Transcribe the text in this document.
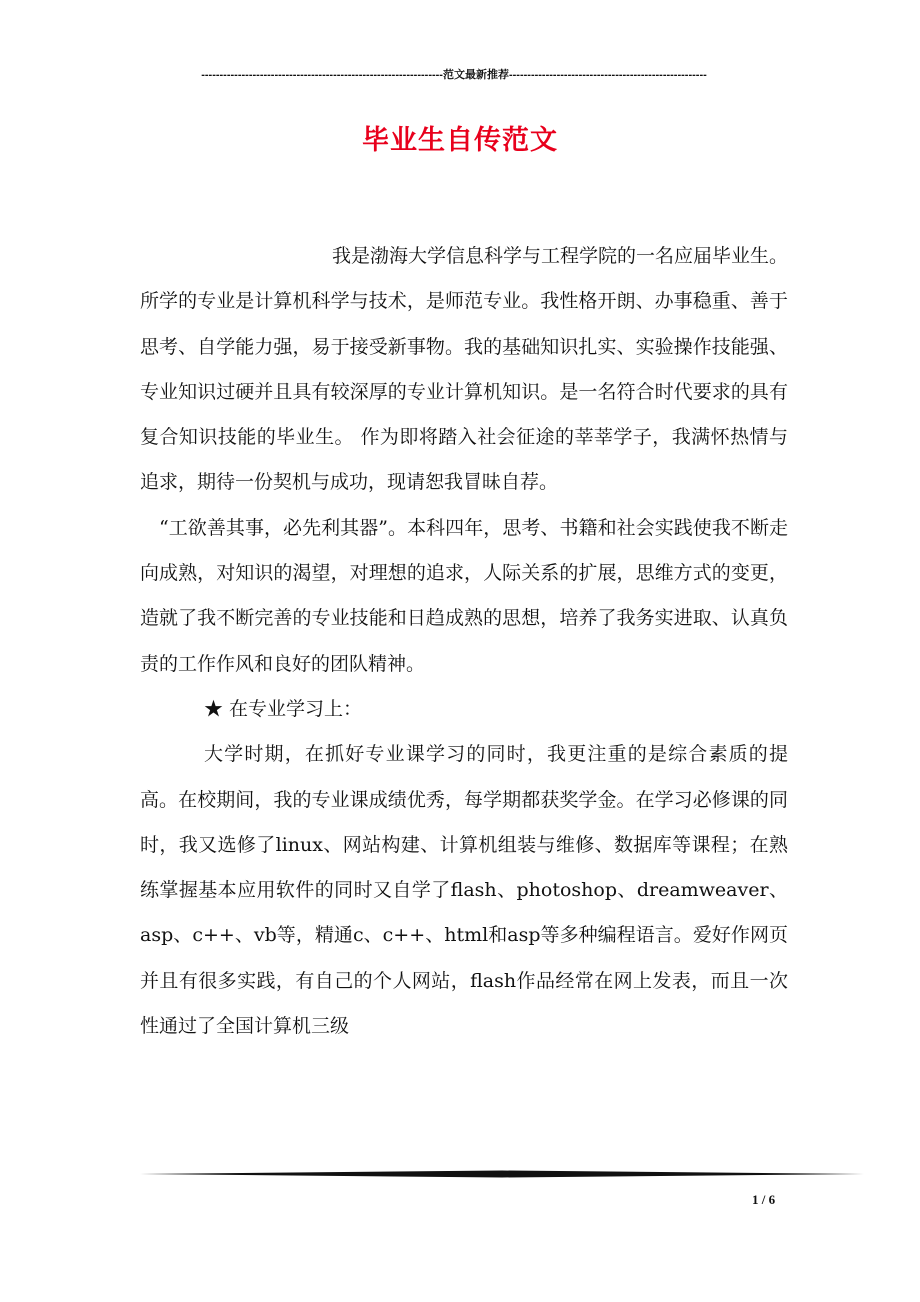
------------------------------------------------------------------范文最新推荐------------------------------------------------------
毕业生自传范文

我是渤海大学信息科学与工程学院的一名应届毕业生。所学的专业是计算机科学与技术，是师范专业。我性格开朗、办事稳重、善于思考、自学能力强，易于接受新事物。我的基础知识扎实、实验操作技能强、专业知识过硬并且具有较深厚的专业计算机知识。是一名符合时代要求的具有复合知识技能的毕业生。 作为即将踏入社会征途的莘莘学子，我满怀热情与追求，期待一份契机与成功，现请恕我冒昧自荐。

“工欲善其事，必先利其器”。本科四年，思考、书籍和社会实践使我不断走向成熟，对知识的渴望，对理想的追求，人际关系的扩展，思维方式的变更，造就了我不断完善的专业技能和日趋成熟的思想，培养了我务实进取、认真负责的工作作风和良好的团队精神。

★ 在专业学习上：

大学时期，在抓好专业课学习的同时，我更注重的是综合素质的提高。在校期间，我的专业课成绩优秀，每学期都获奖学金。在学习必修课的同时，我又选修了linux、网站构建、计算机组装与维修、数据库等课程；在熟练掌握基本应用软件的同时又自学了flash、photoshop、dreamweaver、asp、c++、vb等，精通c、c++、html和asp等多种编程语言。爱好作网页并且有很多实践，有自己的个人网站，flash作品经常在网上发表，而且一次性通过了全国计算机三级

1 / 6
